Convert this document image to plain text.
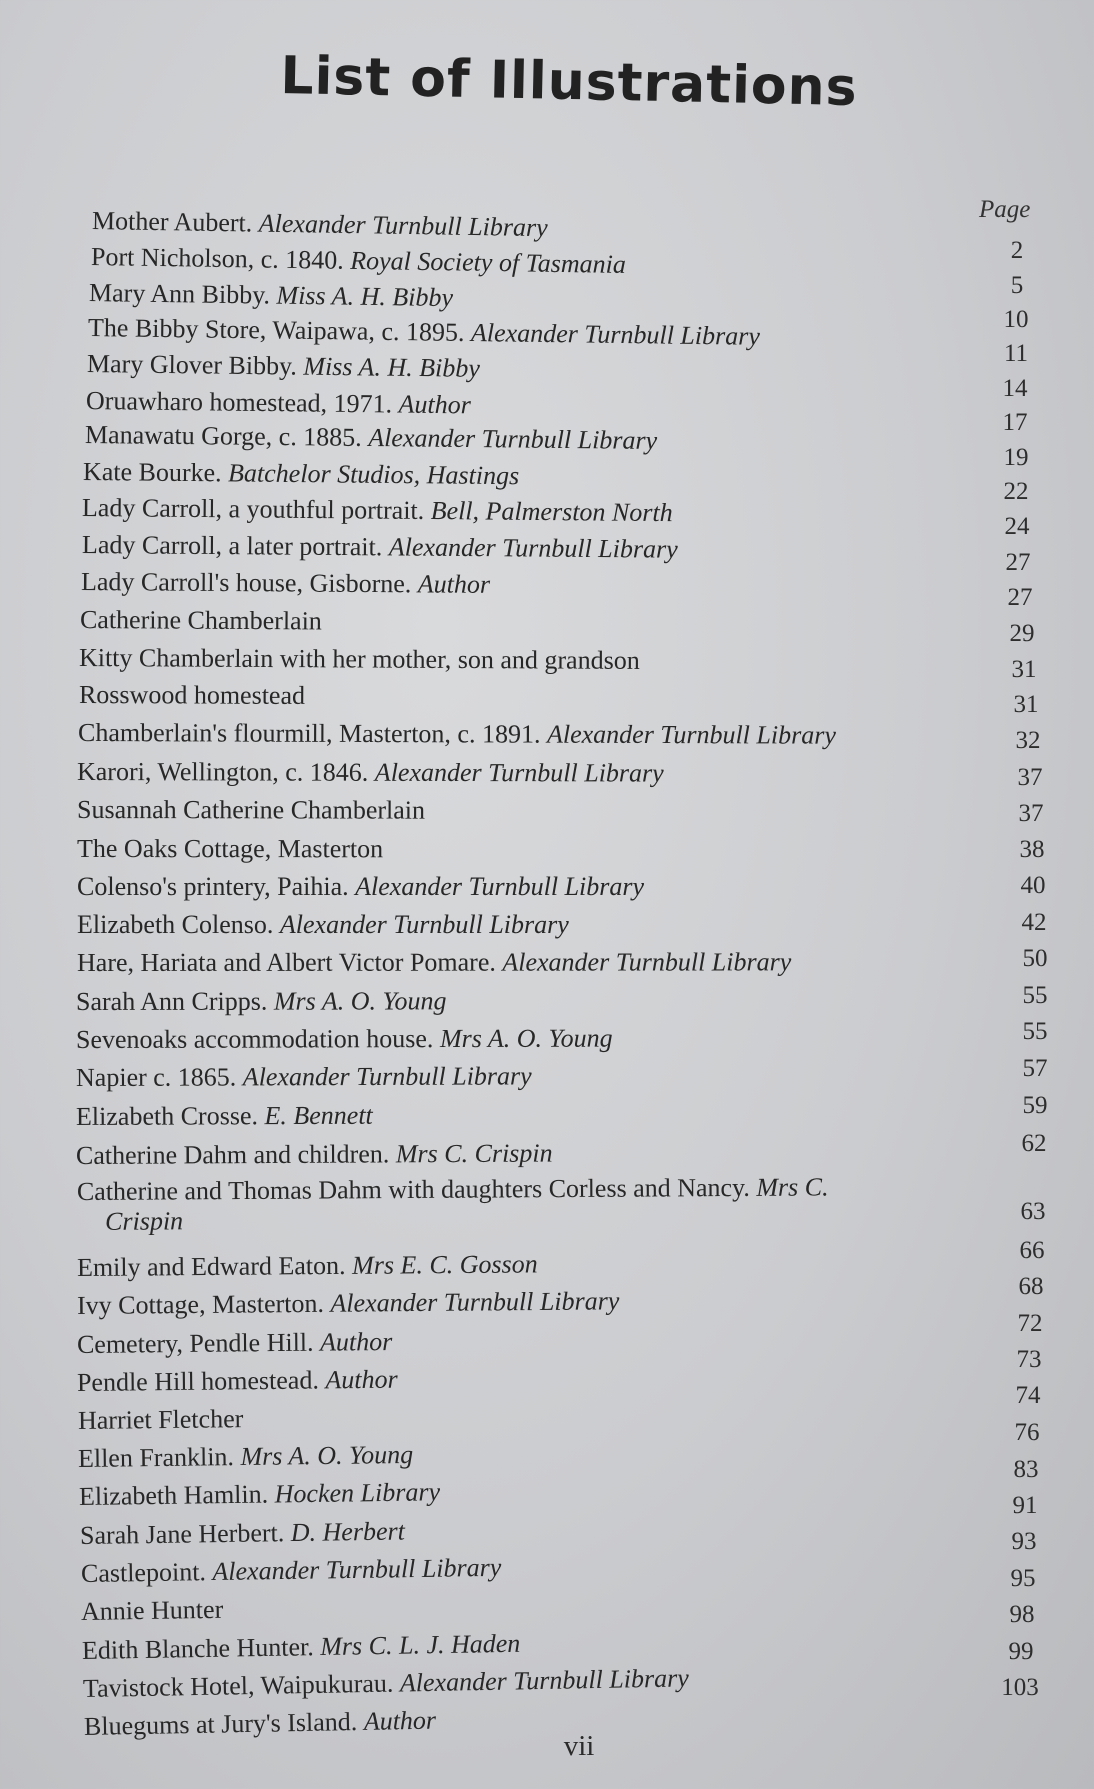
List of Illustrations
Page
Mother Aubert. Alexander Turnbull Library
Port Nicholson, c. 1840. Royal Society of Tasmania
Mary Ann Bibby. Miss A. H. Bibby
The Bibby Store, Waipawa, c. 1895. Alexander Turnbull Library
Mary Glover Bibby. Miss A. H. Bibby
Oruawharo homestead, 1971. Author
Manawatu Gorge, c. 1885. Alexander Turnbull Library
Kate Bourke. Batchelor Studios, Hastings
Lady Carroll, a youthful portrait. Bell, Palmerston North
Lady Carroll, a later portrait. Alexander Turnbull Library
Lady Carroll's house, Gisborne. Author
Catherine Chamberlain
Kitty Chamberlain with her mother, son and grandson
Rosswood homestead
Chamberlain's flourmill, Masterton, c. 1891. Alexander Turnbull Library
Karori, Wellington, c. 1846. Alexander Turnbull Library
Susannah Catherine Chamberlain
The Oaks Cottage, Masterton
Colenso's printery, Paihia. Alexander Turnbull Library
Elizabeth Colenso. Alexander Turnbull Library
Hare, Hariata and Albert Victor Pomare. Alexander Turnbull Library
Sarah Ann Cripps. Mrs A. O. Young
Sevenoaks accommodation house. Mrs A. O. Young
Napier c. 1865. Alexander Turnbull Library
Elizabeth Crosse. E. Bennett
Catherine Dahm and children. Mrs C. Crispin
Catherine and Thomas Dahm with daughters Corless and Nancy. Mrs C.
Crispin
Emily and Edward Eaton. Mrs E. C. Gosson
Ivy Cottage, Masterton. Alexander Turnbull Library
Cemetery, Pendle Hill. Author
Pendle Hill homestead. Author
Harriet Fletcher
Ellen Franklin. Mrs A. O. Young
Elizabeth Hamlin. Hocken Library
Sarah Jane Herbert. D. Herbert
Castlepoint. Alexander Turnbull Library
Annie Hunter
Edith Blanche Hunter. Mrs C. L. J. Haden
Tavistock Hotel, Waipukurau. Alexander Turnbull Library
Bluegums at Jury's Island. Author
2
5
10
11
14
17
19
22
24
27
27
29
31
31
32
37
37
38
40
42
50
55
55
57
59
62
63
66
68
72
73
74
76
83
91
93
95
98
99
103
vii
